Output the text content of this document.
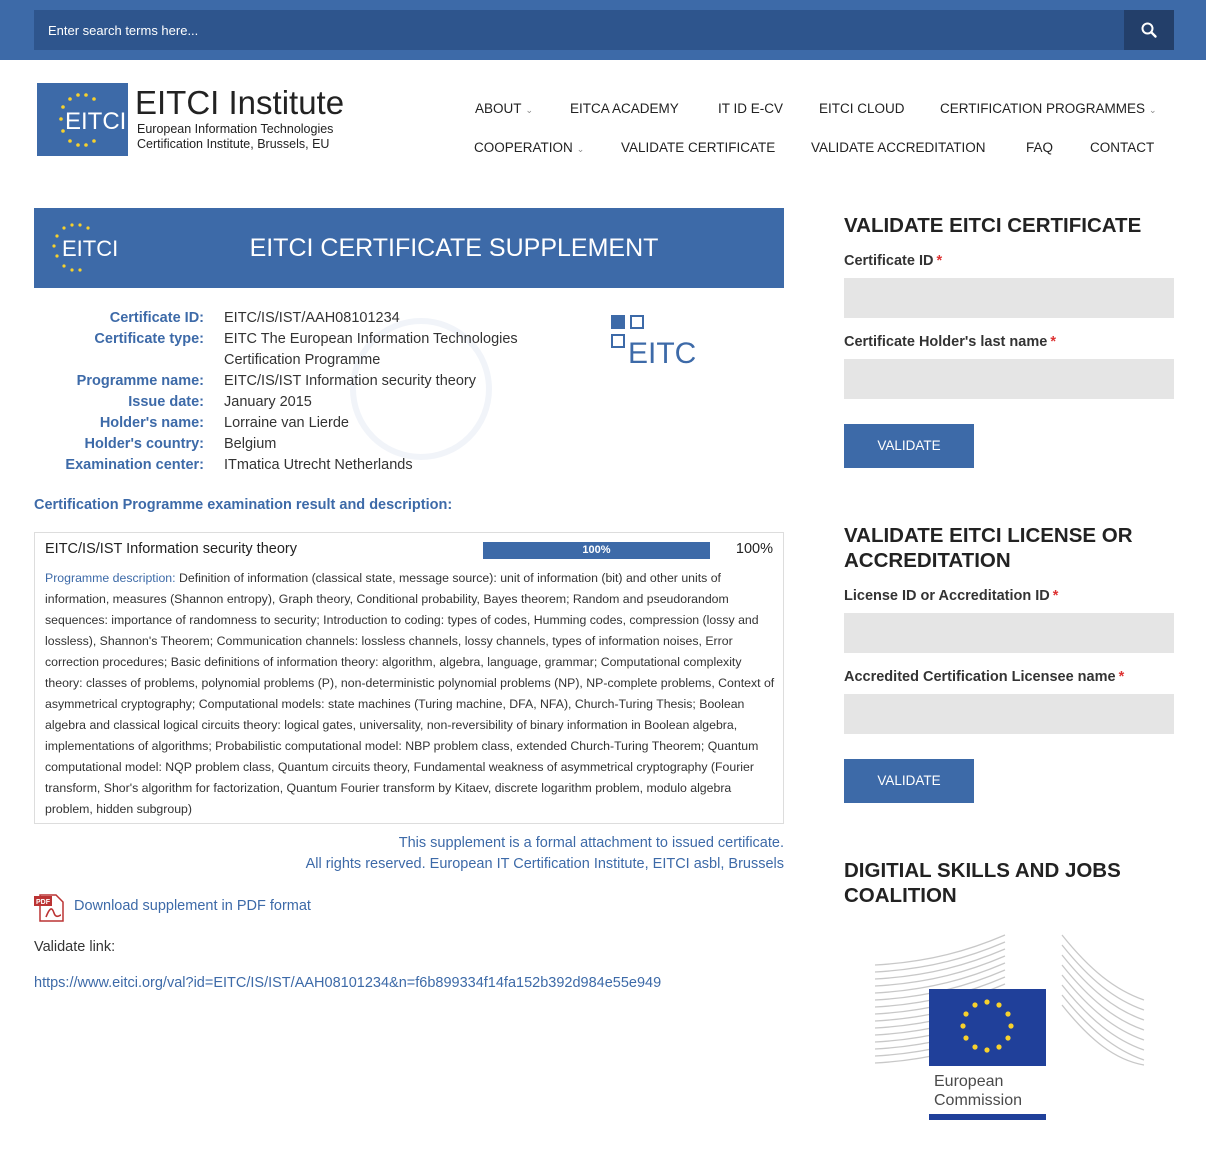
Enter search terms here...
EITCI
EITCI Institute
European Information Technologies
Certification Institute, Brussels, EU
ABOUT ⌄	EITCA ACADEMY	IT ID E-CV	EITCI CLOUD	CERTIFICATION PROGRAMMES ⌄
COOPERATION ⌄	VALIDATE CERTIFICATE	VALIDATE ACCREDITATION	FAQ	CONTACT
EITCI	EITCI CERTIFICATE SUPPLEMENT
Certificate ID: EITC/IS/IST/AAH08101234
Certificate type: EITC The European Information Technologies
Certification Programme
Programme name: EITC/IS/IST Information security theory
Issue date: January 2015
Holder's name: Lorraine van Lierde
Holder's country: Belgium
Examination center: ITmatica Utrecht Netherlands
EITC
Certification Programme examination result and description:
EITC/IS/IST Information security theory	100%	100%
Programme description: Definition of information (classical state, message source): unit of information (bit) and other units of information, measures (Shannon entropy), Graph theory, Conditional probability, Bayes theorem; Random and pseudorandom sequences: importance of randomness to security; Introduction to coding: types of codes, Humming codes, compression (lossy and lossless), Shannon's Theorem; Communication channels: lossless channels, lossy channels, types of information noises, Error correction procedures; Basic definitions of information theory: algorithm, algebra, language, grammar; Computational complexity theory: classes of problems, polynomial problems (P), non-deterministic polynomial problems (NP), NP-complete problems, Context of asymmetrical cryptography; Computational models: state machines (Turing machine, DFA, NFA), Church-Turing Thesis; Boolean algebra and classical logical circuits theory: logical gates, universality, non-reversibility of binary information in Boolean algebra, implementations of algorithms; Probabilistic computational model: NBP problem class, extended Church-Turing Theorem; Quantum computational model: NQP problem class, Quantum circuits theory, Fundamental weakness of asymmetrical cryptography (Fourier transform, Shor's algorithm for factorization, Quantum Fourier transform by Kitaev, discrete logarithm problem, modulo algebra problem, hidden subgroup)
This supplement is a formal attachment to issued certificate.
All rights reserved. European IT Certification Institute, EITCI asbl, Brussels
PDF Download supplement in PDF format
Validate link:
https://www.eitci.org/val?id=EITC/IS/IST/AAH08101234&n=f6b899334f14fa152b392d984e55e949
VALIDATE EITCI CERTIFICATE
Certificate ID *
Certificate Holder's last name *
VALIDATE
VALIDATE EITCI LICENSE OR ACCREDITATION
License ID or Accreditation ID *
Accredited Certification Licensee name *
VALIDATE
DIGITIAL SKILLS AND JOBS COALITION
European
Commission
